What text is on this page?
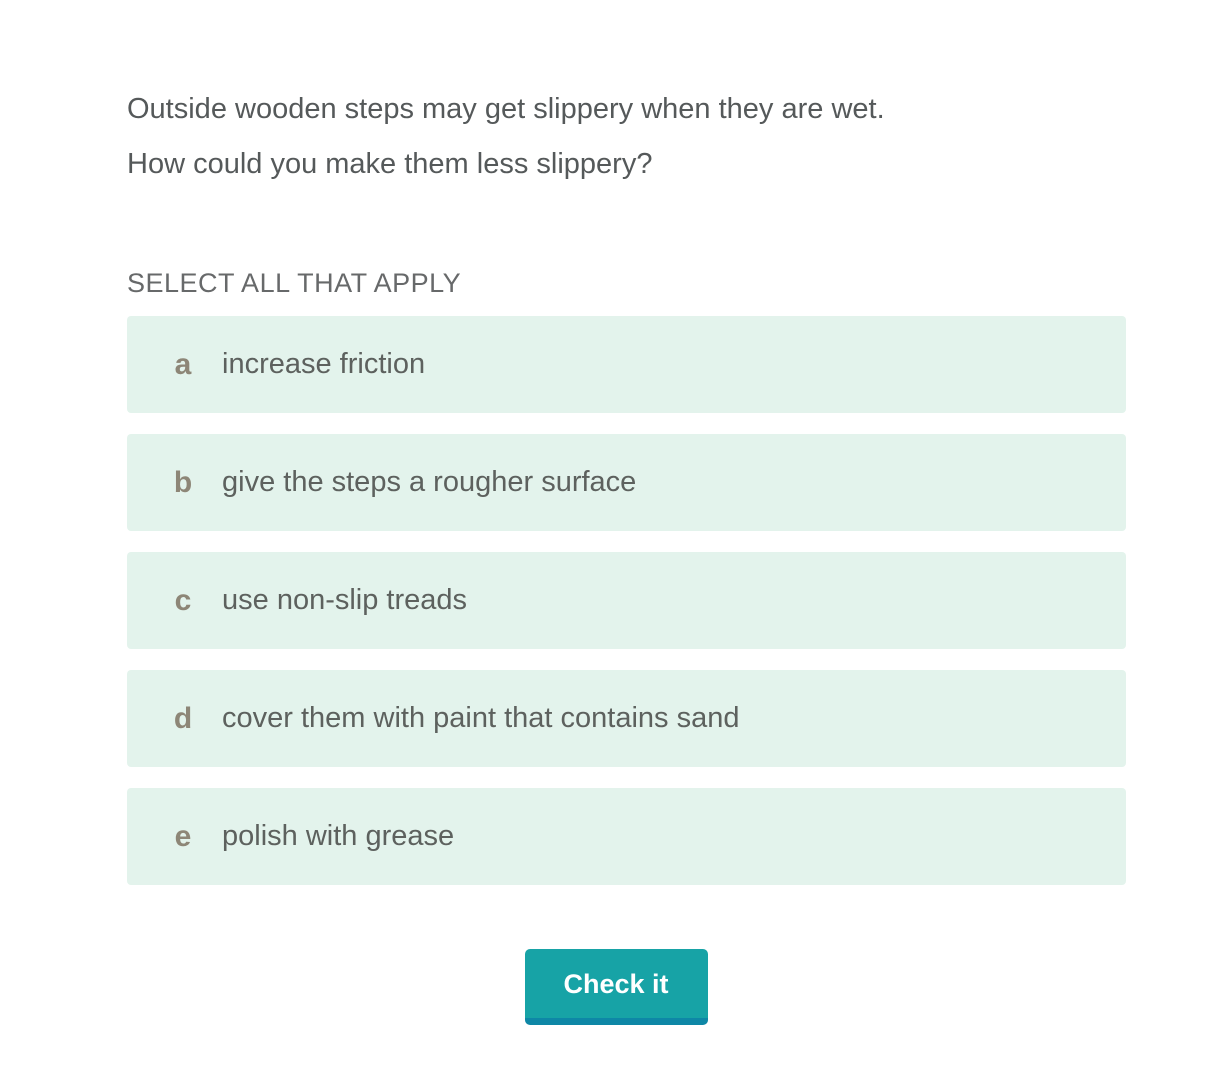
Outside wooden steps may get slippery when they are wet.
How could you make them less slippery?
SELECT ALL THAT APPLY
a increase friction
b give the steps a rougher surface
c use non-slip treads
d cover them with paint that contains sand
e polish with grease
Check it
